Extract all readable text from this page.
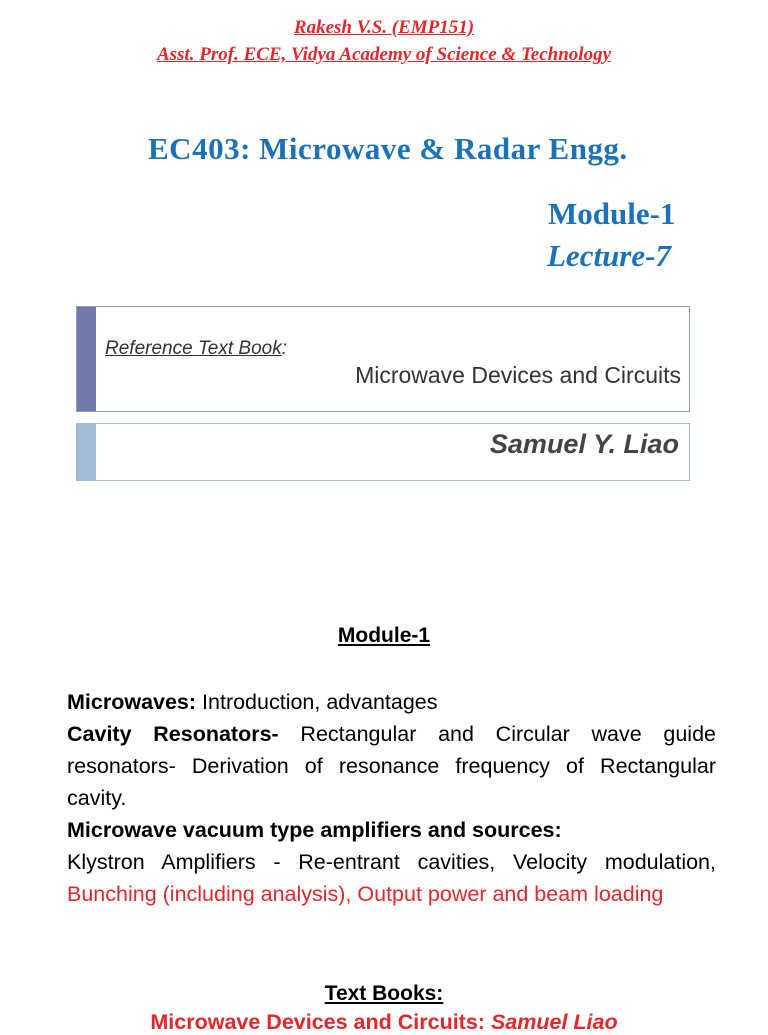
Rakesh V.S. (EMP151)
Asst. Prof. ECE, Vidya Academy of Science & Technology
EC403: Microwave & Radar Engg.
Module-1
Lecture-7
Reference Text Book:
Microwave Devices and Circuits
Samuel Y. Liao
Module-1

Microwaves: Introduction, advantages

Cavity Resonators- Rectangular and Circular wave guide resonators- Derivation of resonance frequency of Rectangular cavity.

Microwave vacuum type amplifiers and sources:

Klystron Amplifiers - Re-entrant cavities, Velocity modulation, Bunching (including analysis), Output power and beam loading

Text Books:
Microwave Devices and Circuits: Samuel Liao
